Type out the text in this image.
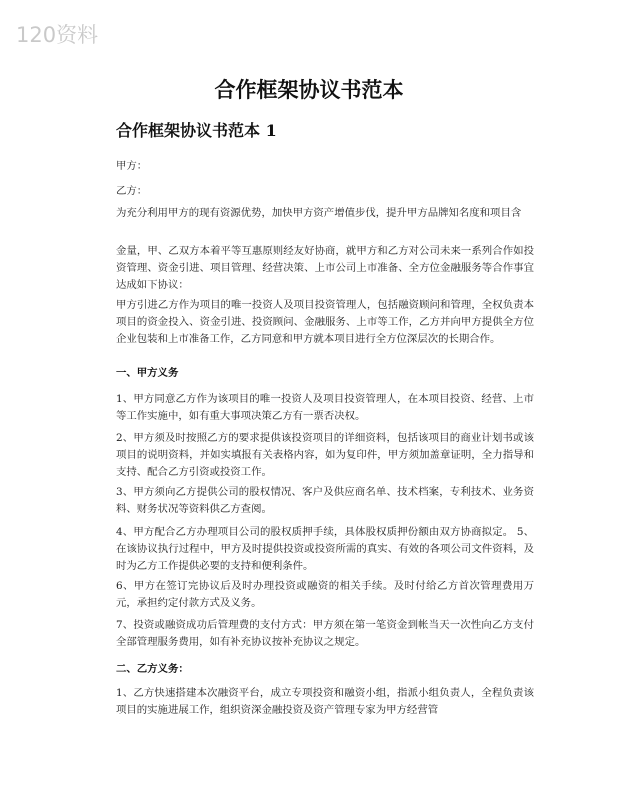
120资料
合作框架协议书范本
合作框架协议书范本 1
甲方：
乙方：
为充分利用甲方的现有资源优势，加快甲方资产增值步伐，提升甲方品牌知名度和项目含
金量，甲、乙双方本着平等互惠原则经友好协商，就甲方和乙方对公司未来一系列合作如投资管理、资金引进、项目管理、经营决策、上市公司上市准备、全方位金融服务等合作事宜达成如下协议：
甲方引进乙方作为项目的唯一投资人及项目投资管理人，包括融资顾问和管理，全权负责本项目的资金投入、资金引进、投资顾问、金融服务、上市等工作，乙方并向甲方提供全方位企业包装和上市准备工作，乙方同意和甲方就本项目进行全方位深层次的长期合作。
一、甲方义务
1、甲方同意乙方作为该项目的唯一投资人及项目投资管理人，在本项目投资、经营、上市等工作实施中，如有重大事项决策乙方有一票否决权。
2、甲方须及时按照乙方的要求提供该投资项目的详细资料，包括该项目的商业计划书或该项目的说明资料，并如实填报有关表格内容，如为复印件，甲方须加盖章证明，全力指导和支持、配合乙方引资或投资工作。
3、甲方须向乙方提供公司的股权情况、客户及供应商名单、技术档案，专利技术、业务资料、财务状况等资料供乙方查阅。
4、甲方配合乙方办理项目公司的股权质押手续，具体股权质押份额由双方协商拟定。 5、在该协议执行过程中，甲方及时提供投资或投资所需的真实、有效的各项公司文件资料，及时为乙方工作提供必要的支持和便利条件。
6、甲方在签订完协议后及时办理投资或融资的相关手续。及时付给乙方首次管理费用万元，承担约定付款方式及义务。
7、投资或融资成功后管理费的支付方式：甲方须在第一笔资金到帐当天一次性向乙方支付全部管理服务费用，如有补充协议按补充协议之规定。
二、乙方义务：
1、乙方快速搭建本次融资平台，成立专项投资和融资小组，指派小组负责人，全程负责该项目的实施进展工作，组织资深金融投资及资产管理专家为甲方经营管
